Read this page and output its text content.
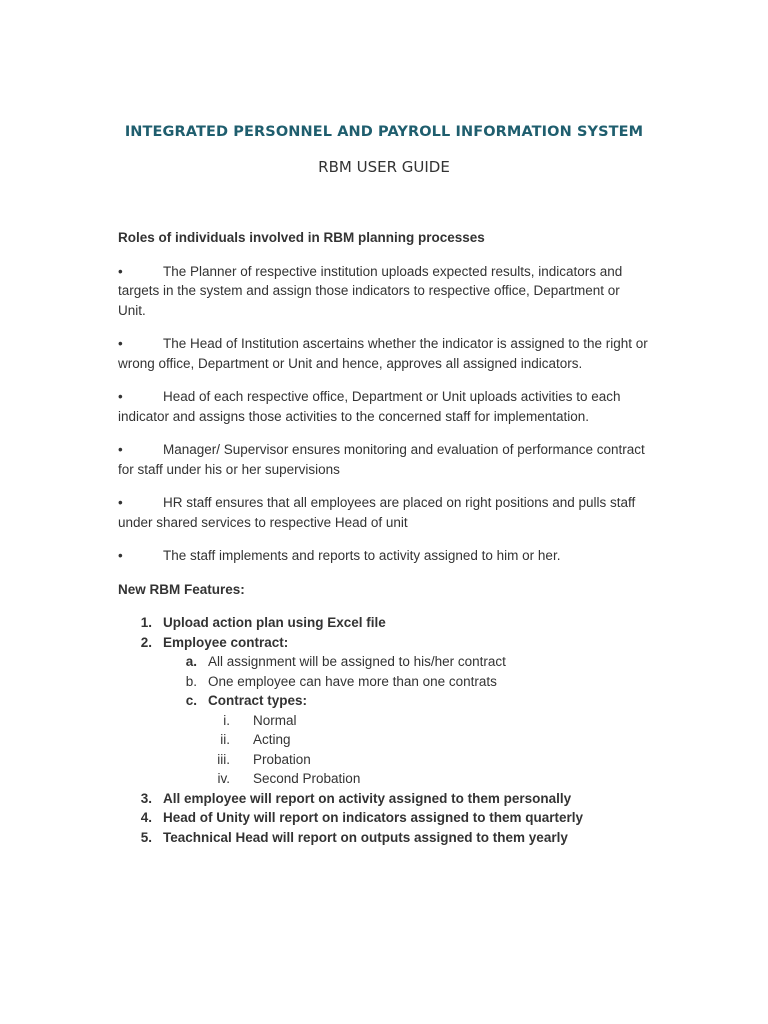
INTEGRATED PERSONNEL AND PAYROLL INFORMATION SYSTEM
RBM USER GUIDE
Roles of individuals involved in RBM planning processes

•	The Planner of respective institution uploads expected results, indicators and targets in the system and assign those indicators to respective office, Department or Unit.

•	The Head of Institution ascertains whether the indicator is assigned to the right or wrong office, Department or Unit and hence, approves all assigned indicators.

•	Head of each respective office, Department or Unit uploads activities to each indicator and assigns those activities to the concerned staff for implementation.

•	Manager/ Supervisor ensures monitoring and evaluation of performance contract for staff under his or her supervisions

•	HR staff ensures that all employees are placed on right positions and pulls staff under shared services to respective Head of unit

•	The staff implements and reports to activity assigned to him or her.

New RBM Features:
1. Upload action plan using Excel file
2. Employee contract:
a. All assignment will be assigned to his/her contract
b. One employee can have more than one contrats
c. Contract types:
i. Normal
ii. Acting
iii. Probation
iv. Second Probation
3. All employee will report on activity assigned to them personally
4. Head of Unity will report on indicators assigned to them quarterly
5. Teachnical Head will report on outputs assigned to them yearly
